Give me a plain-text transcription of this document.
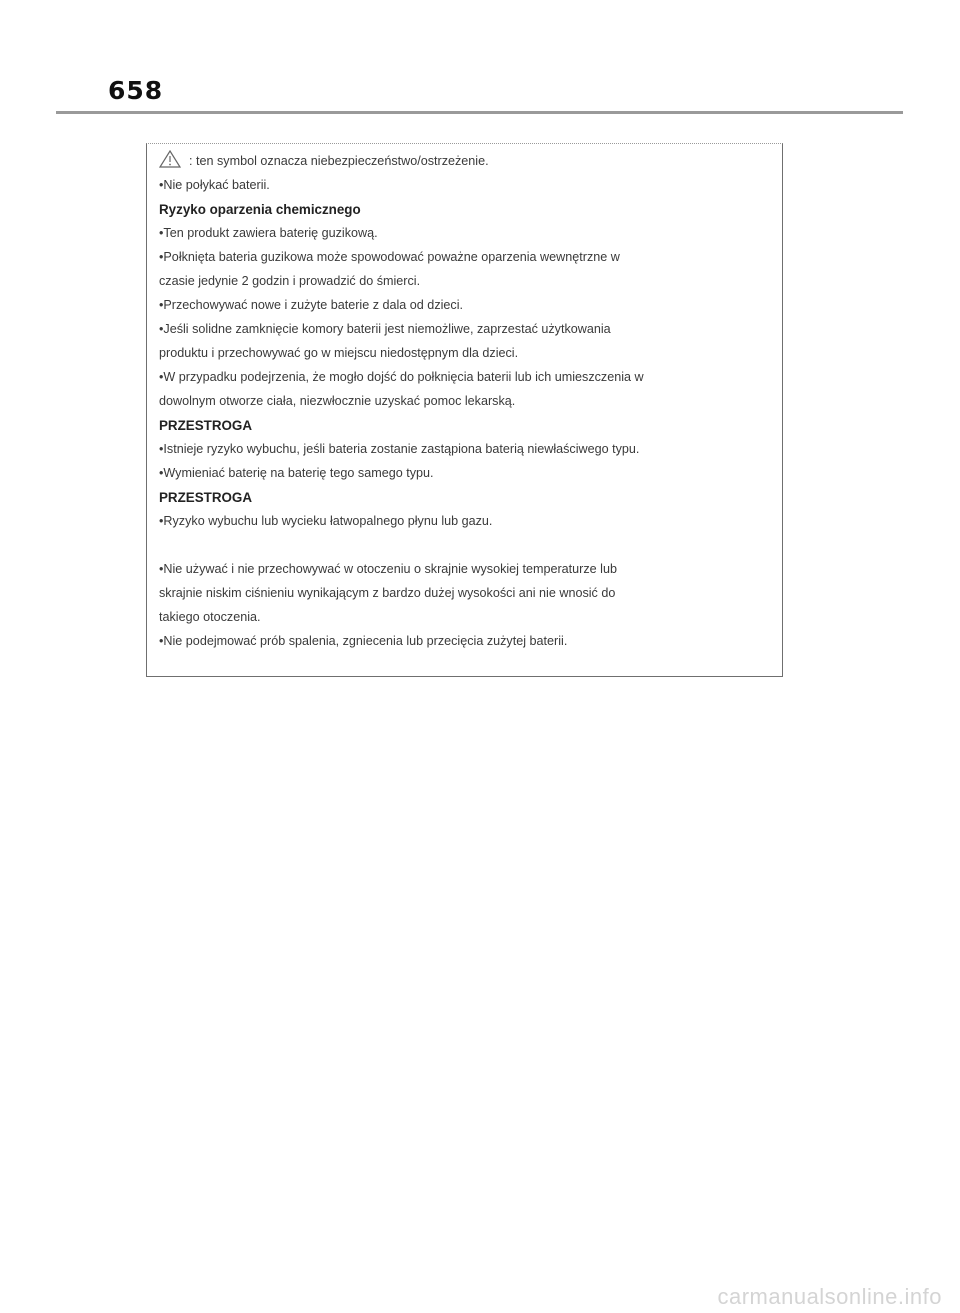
658
: ten symbol oznacza niebezpieczeństwo/ostrzeżenie.
•Nie połykać baterii.
Ryzyko oparzenia chemicznego
•Ten produkt zawiera baterię guzikową.
•Połknięta bateria guzikowa może spowodować poważne oparzenia wewnętrzne w
czasie jedynie 2 godzin i prowadzić do śmierci.
•Przechowywać nowe i zużyte baterie z dala od dzieci.
•Jeśli solidne zamknięcie komory baterii jest niemożliwe, zaprzestać użytkowania
produktu i przechowywać go w miejscu niedostępnym dla dzieci.
•W przypadku podejrzenia, że mogło dojść do połknięcia baterii lub ich umieszczenia w
dowolnym otworze ciała, niezwłocznie uzyskać pomoc lekarską.
PRZESTROGA
•Istnieje ryzyko wybuchu, jeśli bateria zostanie zastąpiona baterią niewłaściwego typu.
•Wymieniać baterię na baterię tego samego typu.
PRZESTROGA
•Ryzyko wybuchu lub wycieku łatwopalnego płynu lub gazu.
•Nie używać i nie przechowywać w otoczeniu o skrajnie wysokiej temperaturze lub
skrajnie niskim ciśnieniu wynikającym z bardzo dużej wysokości ani nie wnosić do
takiego otoczenia.
•Nie podejmować prób spalenia, zgniecenia lub przecięcia zużytej baterii.
carmanualsonline.info
